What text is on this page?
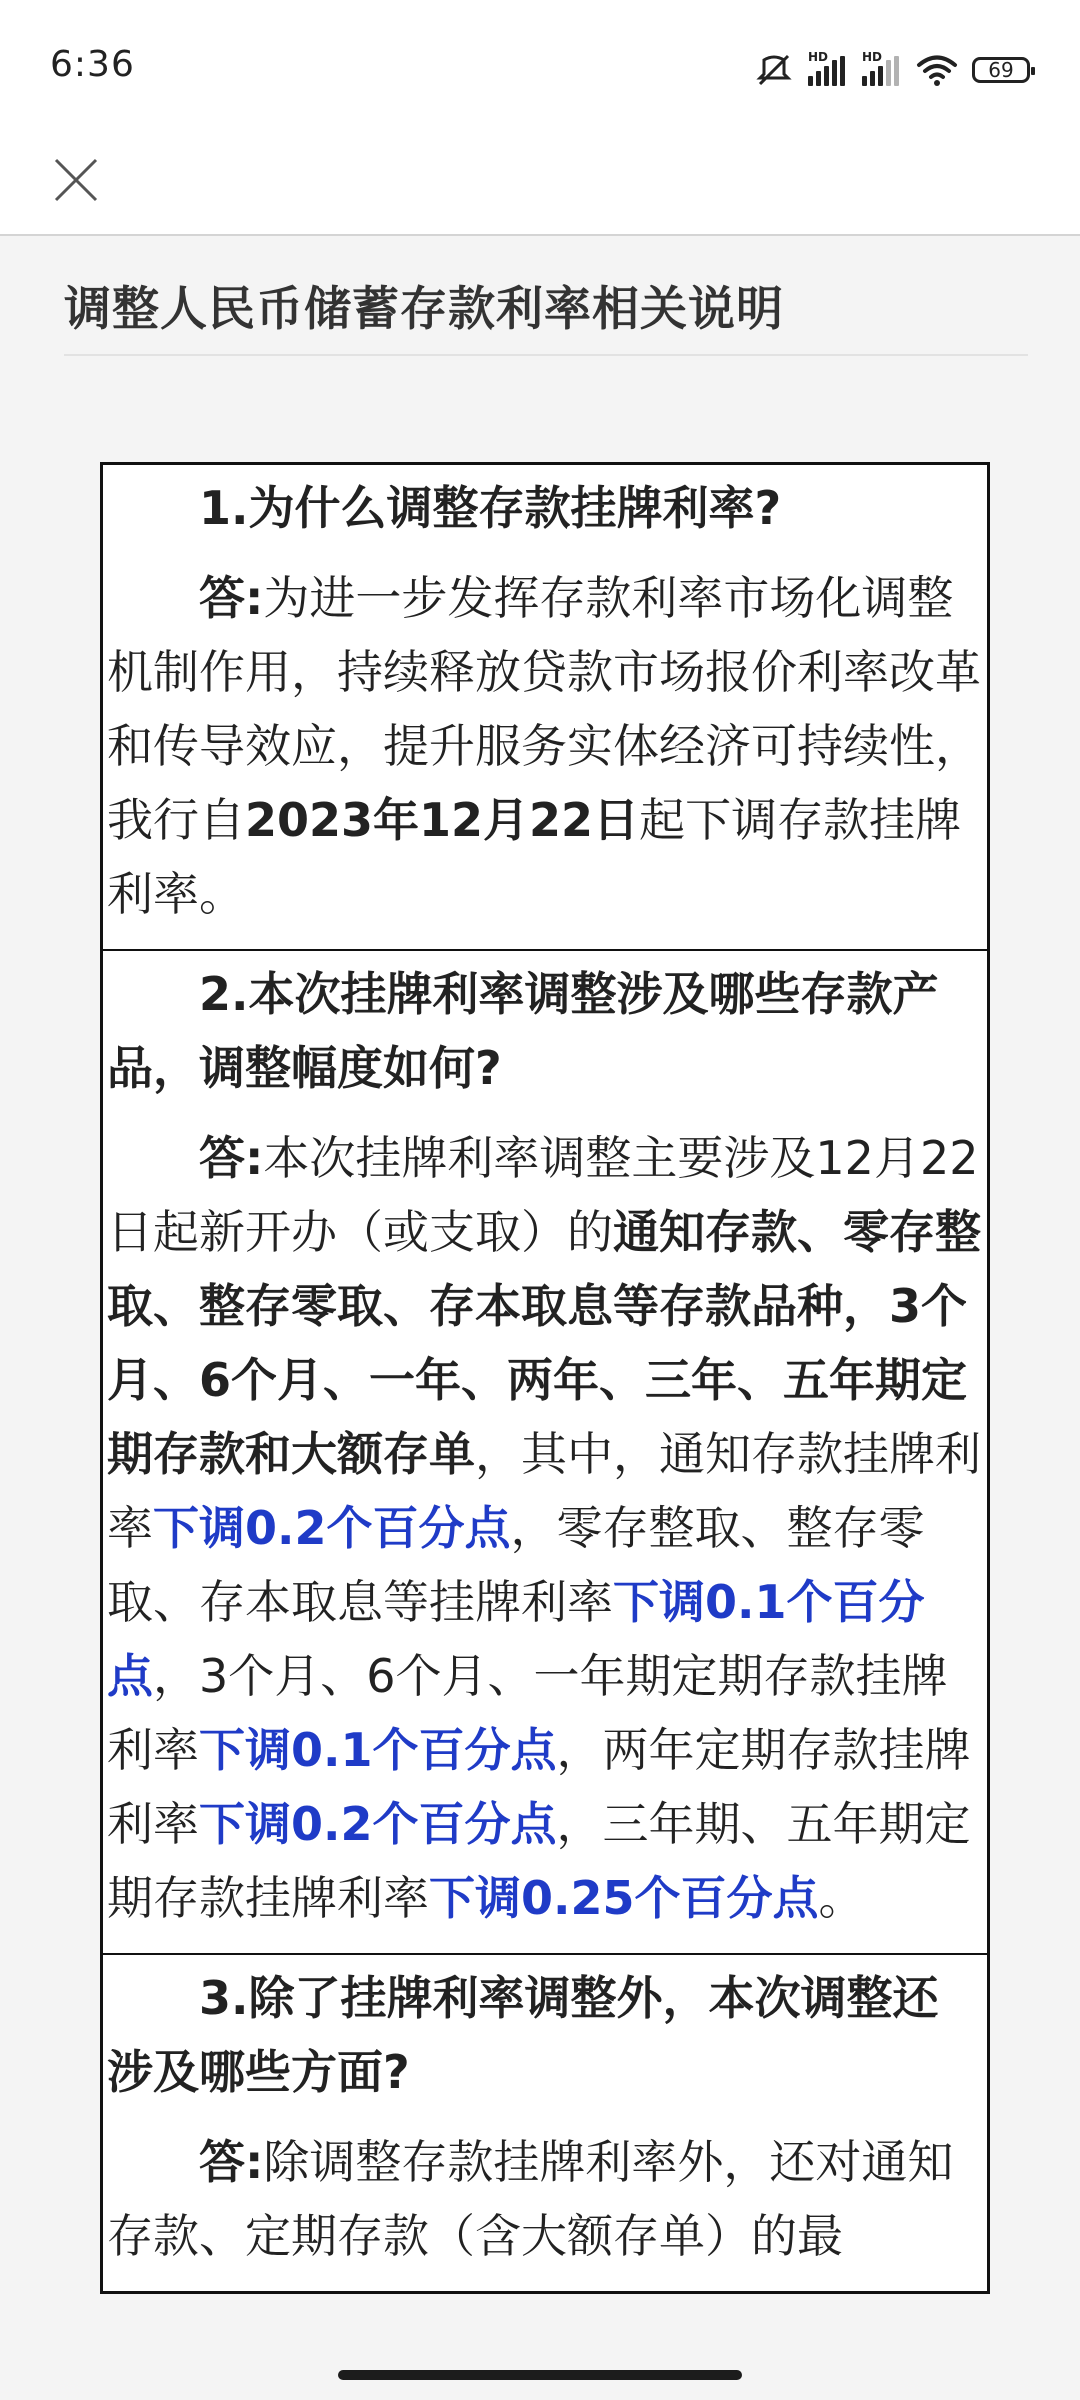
6:36	HD	HD
69
调整人民币储蓄存款利率相关说明

1.为什么调整存款挂牌利率?

答:为进一步发挥存款利率市场化调整机制作用，持续释放贷款市场报价利率改革和传导效应，提升服务实体经济可持续性，我行自2023年12月22日起下调存款挂牌利率。

2.本次挂牌利率调整涉及哪些存款产品，调整幅度如何?

答:本次挂牌利率调整主要涉及12月22日起新开办（或支取）的通知存款、零存整取、整存零取、存本取息等存款品种，3个月、6个月、一年、两年、三年、五年期定期存款和大额存单，其中，通知存款挂牌利率下调0.2个百分点，零存整取、整存零取、存本取息等挂牌利率下调0.1个百分点，3个月、6个月、一年期定期存款挂牌利率下调0.1个百分点，两年定期存款挂牌利率下调0.2个百分点，三年期、五年期定期存款挂牌利率下调0.25个百分点。

3.除了挂牌利率调整外，本次调整还涉及哪些方面?

答:除调整存款挂牌利率外，还对通知存款、定期存款（含大额存单）的最
